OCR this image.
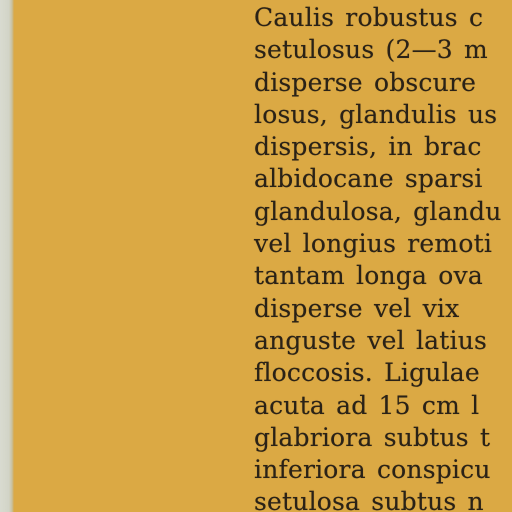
Caulis robustus c
setulosus (2—3 m
disperse obscure
losus, glandulis us
dispersis, in brac
albidocane sparsi
glandulosa, glandu
vel longius remoti
tantam longa ova
disperse vel vix
anguste vel latius
floccosis. Ligulae
acuta ad 15 cm l
glabriora subtus t
inferiora conspicu
setulosa subtus n
